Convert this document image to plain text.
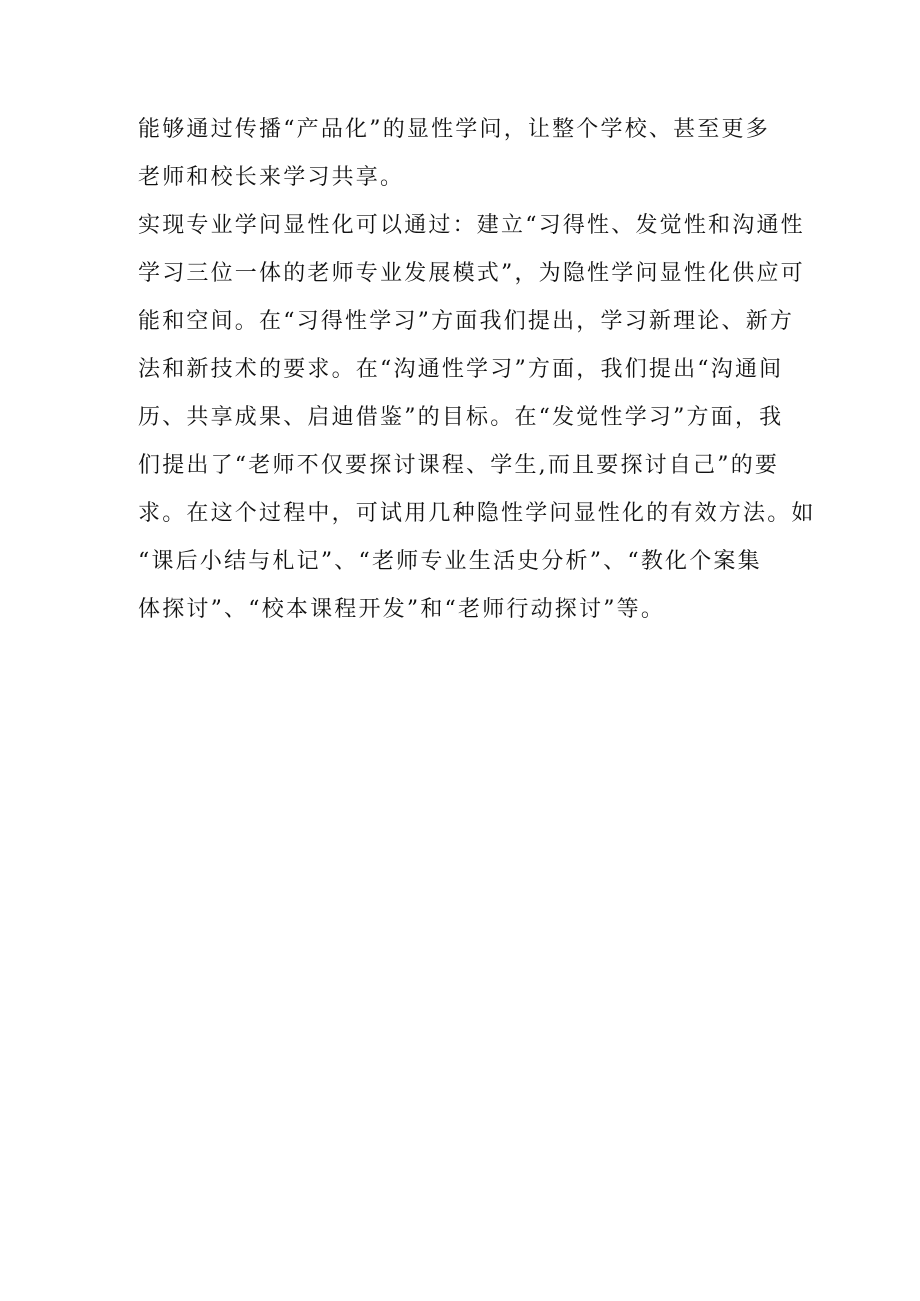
能够通过传播“产品化”的显性学问，让整个学校、甚至更多

老师和校长来学习共享。

实现专业学问显性化可以通过：建立“习得性、发觉性和沟通性

学习三位一体的老师专业发展模式”，为隐性学问显性化供应可

能和空间。在“习得性学习”方面我们提出，学习新理论、新方

法和新技术的要求。在“沟通性学习”方面，我们提出“沟通间

历、共享成果、启迪借鉴”的目标。在“发觉性学习”方面，我

们提出了“老师不仅要探讨课程、学生,而且要探讨自己”的要

求。在这个过程中，可试用几种隐性学问显性化的有效方法。如

“课后小结与札记”、“老师专业生活史分析”、“教化个案集

体探讨”、“校本课程开发”和“老师行动探讨”等。
